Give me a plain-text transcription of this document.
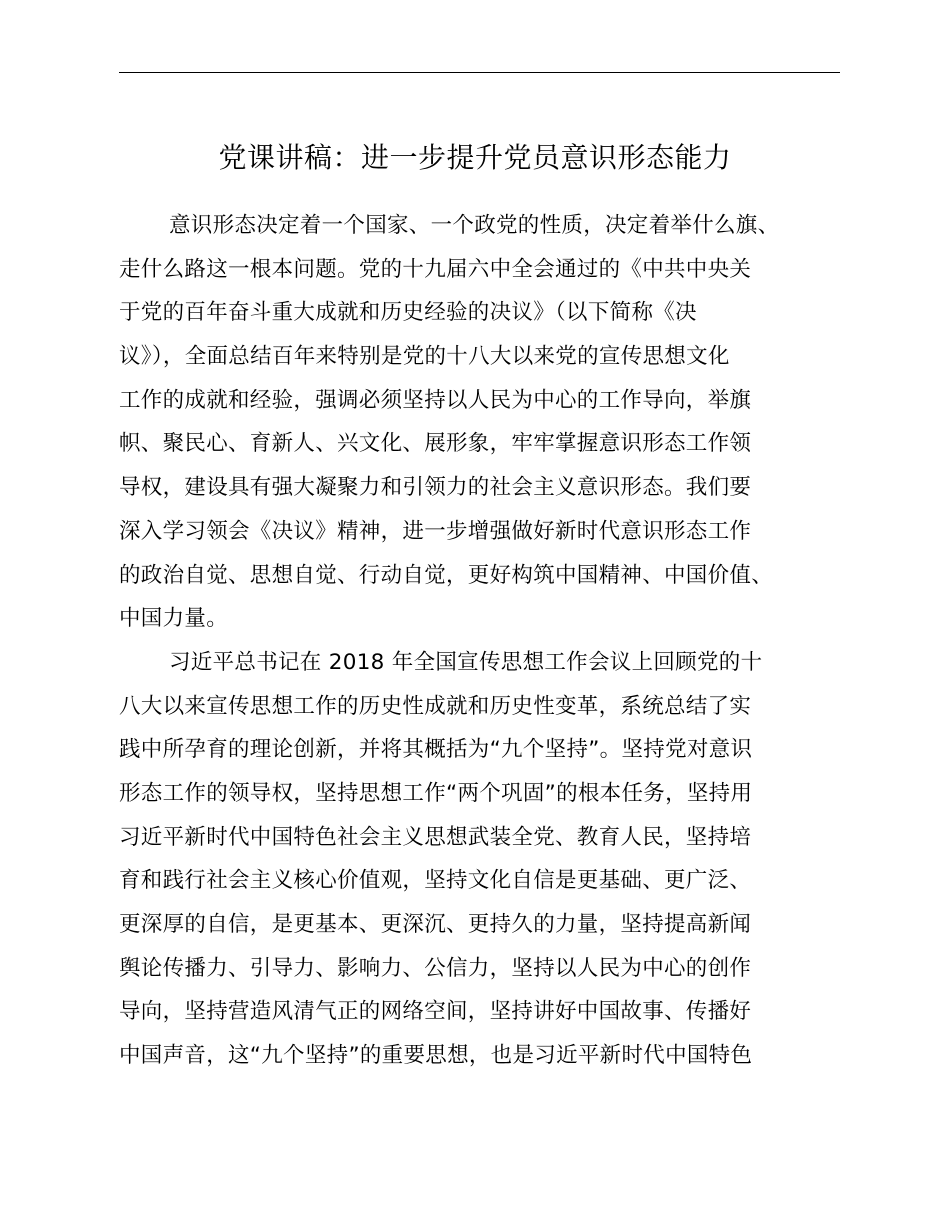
党课讲稿：进一步提升党员意识形态能力
意识形态决定着一个国家、一个政党的性质，决定着举什么旗、
走什么路这一根本问题。党的十九届六中全会通过的《中共中央关
于党的百年奋斗重大成就和历史经验的决议》（以下简称《决
议》），全面总结百年来特别是党的十八大以来党的宣传思想文化
工作的成就和经验，强调必须坚持以人民为中心的工作导向，举旗
帜、聚民心、育新人、兴文化、展形象，牢牢掌握意识形态工作领
导权，建设具有强大凝聚力和引领力的社会主义意识形态。我们要
深入学习领会《决议》精神，进一步增强做好新时代意识形态工作
的政治自觉、思想自觉、行动自觉，更好构筑中国精神、中国价值、
中国力量。
习近平总书记在 2018 年全国宣传思想工作会议上回顾党的十
八大以来宣传思想工作的历史性成就和历史性变革，系统总结了实
践中所孕育的理论创新，并将其概括为“九个坚持”。坚持党对意识
形态工作的领导权，坚持思想工作“两个巩固”的根本任务，坚持用
习近平新时代中国特色社会主义思想武装全党、教育人民，坚持培
育和践行社会主义核心价值观，坚持文化自信是更基础、更广泛、
更深厚的自信，是更基本、更深沉、更持久的力量，坚持提高新闻
舆论传播力、引导力、影响力、公信力，坚持以人民为中心的创作
导向，坚持营造风清气正的网络空间，坚持讲好中国故事、传播好
中国声音，这“九个坚持”的重要思想，也是习近平新时代中国特色
